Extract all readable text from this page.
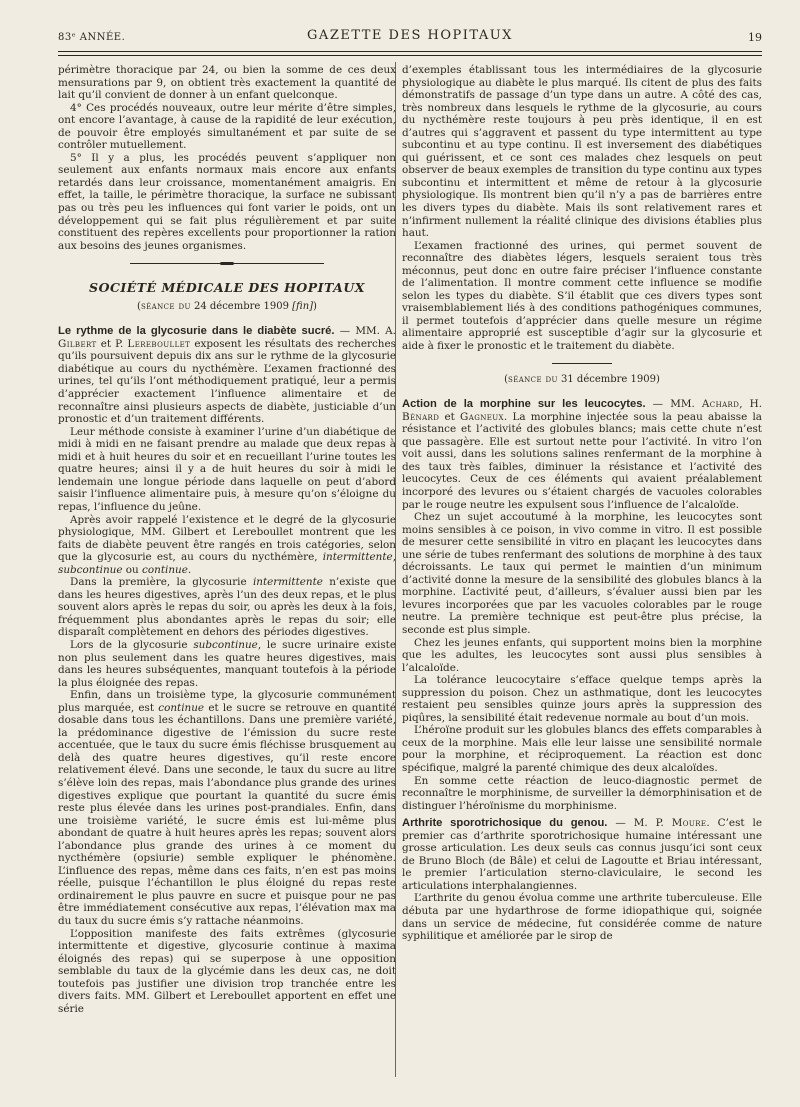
83ᵉ ANNÉE.	GAZETTE DES HOPITAUX	19

périmètre thoracique par 24, ou bien la somme de ces deux mensurations par 9, on obtient très exactement la quantité de lait qu’il convient de donner à un enfant quelconque.

4° Ces procédés nouveaux, outre leur mérite d’être simples, ont encore l’avantage, à cause de la rapidité de leur exécution, de pouvoir être employés simultanément et par suite de se contrôler mutuellement.

5° Il y a plus, les procédés peuvent s’appliquer non seulement aux enfants normaux mais encore aux enfants retardés dans leur croissance, momentanément amaigris. En effet, la taille, le périmètre thoracique, la surface ne subissant pas ou très peu les influences qui font varier le poids, ont un développement qui se fait plus régulièrement et par suite constituent des repères excellents pour proportionner la ration aux besoins des jeunes organismes.

SOCIÉTÉ MÉDICALE DES HOPITAUX
(séance du 24 décembre 1909 [fin])

Le rythme de la glycosurie dans le diabète sucré. — MM. A. Gilbert et P. Lereboullet exposent les résultats des recherches qu’ils poursuivent depuis dix ans sur le rythme de la glycosurie diabétique au cours du nycthémère. L’examen fractionné des urines, tel qu’ils l’ont méthodiquement pratiqué, leur a permis d’apprécier exactement l’influence alimentaire et de reconnaître ainsi plusieurs aspects de diabète, justiciable d’un pronostic et d’un traitement différents.

Leur méthode consiste à examiner l’urine d’un diabétique de midi à midi en ne faisant prendre au malade que deux repas à midi et à huit heures du soir et en recueillant l’urine toutes les quatre heures; ainsi il y a de huit heures du soir à midi le lendemain une longue période dans laquelle on peut d’abord saisir l’influence alimentaire puis, à mesure qu’on s’éloigne du repas, l’influence du jeûne.

Après avoir rappelé l’existence et le degré de la glycosurie physiologique, MM. Gilbert et Lereboullet montrent que les faits de diabète peuvent être rangés en trois catégories, selon que la glycosurie est, au cours du nycthémère, intermittente, subcontinue ou continue.

Dans la première, la glycosurie intermittente n’existe que dans les heures digestives, après l’un des deux repas, et le plus souvent alors après le repas du soir, ou après les deux à la fois, fréquemment plus abondantes après le repas du soir; elle disparaît complètement en dehors des périodes digestives.

Lors de la glycosurie subcontinue, le sucre urinaire existe non plus seulement dans les quatre heures digestives, mais dans les heures subséquentes, manquant toutefois à la période la plus éloignée des repas.

Enfin, dans un troisième type, la glycosurie communément plus marquée, est continue et le sucre se retrouve en quantité dosable dans tous les échantillons. Dans une première variété, la prédominance digestive de l’émission du sucre reste accentuée, que le taux du sucre émis fléchisse brusquement au delà des quatre heures digestives, qu’il reste encore relativement élevé. Dans une seconde, le taux du sucre au litre s’élève loin des repas, mais l’abondance plus grande des urines digestives explique que pourtant la quantité du sucre émis reste plus élevée dans les urines post-prandiales. Enfin, dans une troisième variété, le sucre émis est lui-même plus abondant de quatre à huit heures après les repas; souvent alors l’abondance plus grande des urines à ce moment du nycthémère (opsiurie) semble expliquer le phénomène. L’influence des repas, même dans ces faits, n’en est pas moins réelle, puisque l’échantillon le plus éloigné du repas reste ordinairement le plus pauvre en sucre et puisque pour ne pas être immédiatement consécutive aux repas, l’élévation max ma du taux du sucre émis s’y rattache néanmoins.

L’opposition manifeste des faits extrêmes (glycosurie intermittente et digestive, glycosurie continue à maxima éloignés des repas) qui se superpose à une opposition semblable du taux de la glycémie dans les deux cas, ne doit toutefois pas justifier une division trop tranchée entre les divers faits. MM. Gilbert et Lereboullet apportent en effet une série

d’exemples établissant tous les intermédiaires de la glycosurie physiologique au diabète le plus marqué. Ils citent de plus des faits démonstratifs de passage d’un type dans un autre. A côté des cas, très nombreux dans lesquels le rythme de la glycosurie, au cours du nycthémère reste toujours à peu près identique, il en est d’autres qui s’aggravent et passent du type intermittent au type subcontinu et au type continu. Il est inversement des diabétiques qui guérissent, et ce sont ces malades chez lesquels on peut observer de beaux exemples de transition du type continu aux types subcontinu et intermittent et même de retour à la glycosurie physiologique. Ils montrent bien qu’il n’y a pas de barrières entre les divers types du diabète. Mais ils sont relativement rares et n’infirment nullement la réalité clinique des divisions établies plus haut.

L’examen fractionné des urines, qui permet souvent de reconnaître des diabètes légers, lesquels seraient tous très méconnus, peut donc en outre faire préciser l’influence constante de l’alimentation. Il montre comment cette influence se modifie selon les types du diabète. S’il établit que ces divers types sont vraisemblablement liés à des conditions pathogéniques communes, il permet toutefois d’apprécier dans quelle mesure un régime alimentaire approprié est susceptible d’agir sur la glycosurie et aide à fixer le pronostic et le traitement du diabète.

(séance du 31 décembre 1909)

Action de la morphine sur les leucocytes. — MM. Achard, H. Bénard et Gagneux. La morphine injectée sous la peau abaisse la résistance et l’activité des globules blancs; mais cette chute n’est que passagère. Elle est surtout nette pour l’activité. In vitro l’on voit aussi, dans les solutions salines renfermant de la morphine à des taux très faibles, diminuer la résistance et l’activité des leucocytes. Ceux de ces éléments qui avaient préalablement incorporé des levures ou s’étaient chargés de vacuoles colorables par le rouge neutre les expulsent sous l’influence de l’alcaloïde.

Chez un sujet accoutumé à la morphine, les leucocytes sont moins sensibles à ce poison, in vivo comme in vitro. Il est possible de mesurer cette sensibilité in vitro en plaçant les leucocytes dans une série de tubes renfermant des solutions de morphine à des taux décroissants. Le taux qui permet le maintien d’un minimum d’activité donne la mesure de la sensibilité des globules blancs à la morphine. L’activité peut, d’ailleurs, s’évaluer aussi bien par les levures incorporées que par les vacuoles colorables par le rouge neutre. La première technique est peut-être plus précise, la seconde est plus simple.

Chez les jeunes enfants, qui supportent moins bien la morphine que les adultes, les leucocytes sont aussi plus sensibles à l’alcaloïde.

La tolérance leucocytaire s’efface quelque temps après la suppression du poison. Chez un asthmatique, dont les leucocytes restaient peu sensibles quinze jours après la suppression des piqûres, la sensibilité était redevenue normale au bout d’un mois.

L’héroïne produit sur les globules blancs des effets comparables à ceux de la morphine. Mais elle leur laisse une sensibilité normale pour la morphine, et réciproquement. La réaction est donc spécifique, malgré la parenté chimique des deux alcaloïdes.

En somme cette réaction de leuco-diagnostic permet de reconnaître le morphinisme, de surveiller la démorphinisation et de distinguer l’héroïnisme du morphinisme.

Arthrite sporotrichosique du genou. — M. P. Moure. C’est le premier cas d’arthrite sporotrichosique humaine intéressant une grosse articulation. Les deux seuls cas connus jusqu’ici sont ceux de Bruno Bloch (de Bâle) et celui de Lagoutte et Briau intéressant, le premier l’articulation sterno-claviculaire, le second les articulations interphalangiennes.

L’arthrite du genou évolua comme une arthrite tuberculeuse. Elle débuta par une hydarthrose de forme idiopathique qui, soignée dans un service de médecine, fut considérée comme de nature syphilitique et améliorée par le sirop de
